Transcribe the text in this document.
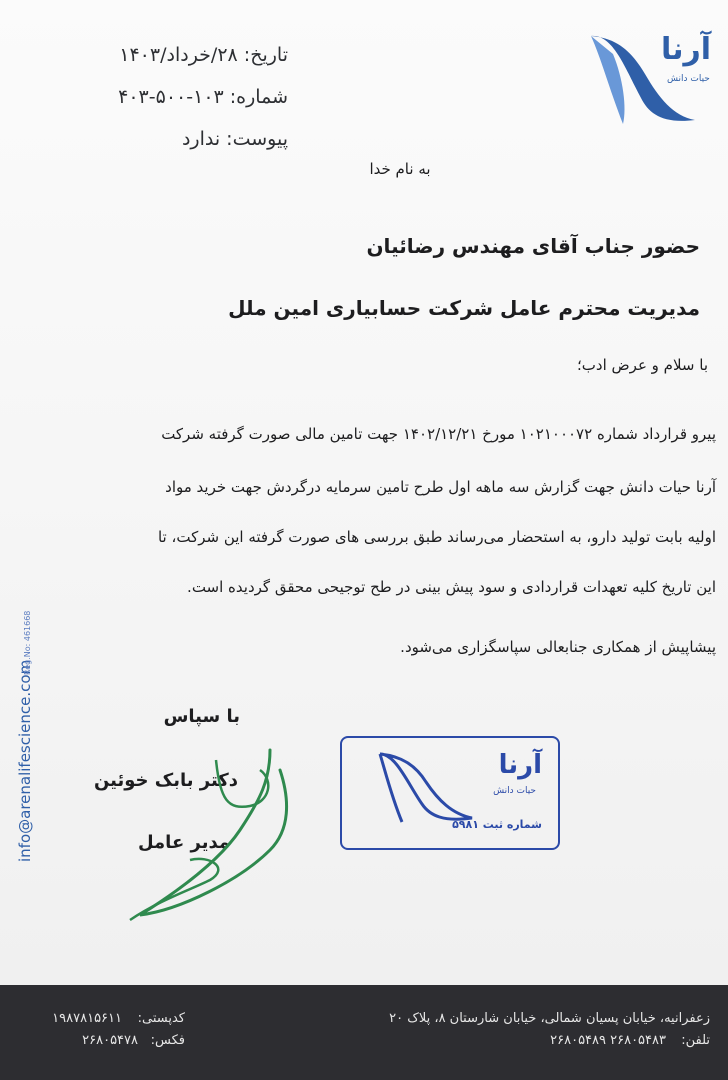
تاریخ: ۲۸/خرداد/۱۴۰۳
شماره: ۱۰۳-۵۰۰-۴۰۳
پیوست: ندارد
آرنا
حیات دانش
به نام خدا
حضور جناب آقای مهندس رضائیان
مدیریت محترم عامل شرکت حسابیاری امین ملل
با سلام و عرض ادب؛
پیرو قرارداد شماره ۱۰۲۱۰۰۰۷۲ مورخ ۱۴۰۲/۱۲/۲۱ جهت تامین مالی صورت گرفته شرکت
آرنا حیات دانش جهت گزارش سه ماهه اول طرح تامین سرمایه درگردش جهت خرید مواد
اولیه بابت تولید دارو، به استحضار می‌رساند طبق بررسی های صورت گرفته این شرکت، تا
این تاریخ کلیه تعهدات قراردادی و سود پیش بینی در طح توجیحی محقق گردیده است.
پیشاپیش از همکاری جنابعالی سپاسگزاری می‌شود.
info@arenalifescience.com
Reg.No: 461668
با سپاس
دکتر بابک خوئین
مدیر عامل
آرنا
حیات دانش
شماره ثبت ۵۹۸۱
زعفرانیه، خیابان پسیان شمالی، خیابان شارستان ۸، پلاک ۲۰
تلفن:
۲۶۸۰۵۴۸۹ ۲۶۸۰۵۴۸۳
کدپستی:
۱۹۸۷۸۱۵۶۱۱
فکس:
۲۶۸۰۵۴۷۸
